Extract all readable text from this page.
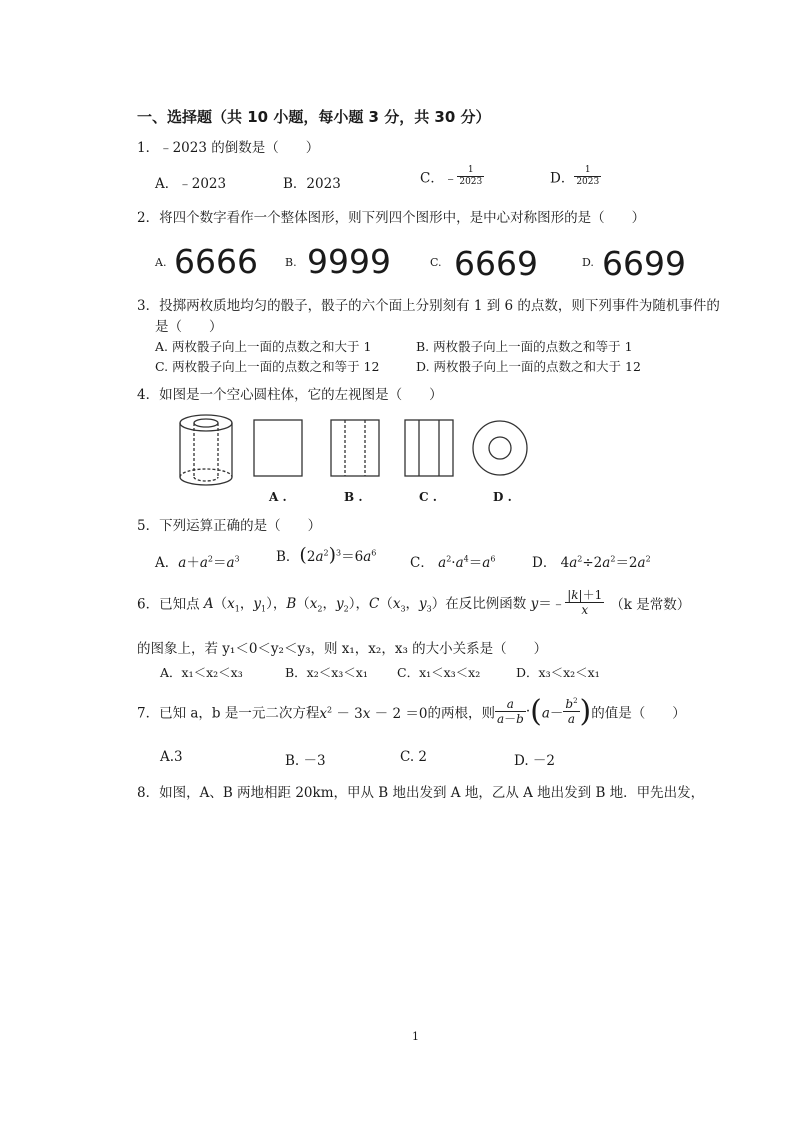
一、选择题（共 10 小题，每小题 3 分，共 30 分）
1．﹣2023 的倒数是（　　）
A．﹣2023	B．2023	C．﹣ $\frac{1}{2023}$	D． $\frac{1}{2023}$
2．将四个数字看作一个整体图形，则下列四个图形中，是中心对称图形的是（　　）
A. 6666 B. 9999	C. 6669	D. 6699
3．投掷两枚质地均匀的骰子，骰子的六个面上分别刻有 1 到 6 的点数，则下列事件为随机事件的
是（　　）
A. 两枚骰子向上一面的点数之和大于 1	B. 两枚骰子向上一面的点数之和等于 1
C. 两枚骰子向上一面的点数之和等于 12	D. 两枚骰子向上一面的点数之和大于 12
4．如图是一个空心圆柱体，它的左视图是（　　）
A .	B .	C .	D .
5．下列运算正确的是（　　）
A．$a+a^2=a^3$	B．$(2a^2)^3=6a^6$
C． $a^2\cdot a^4=a^6$	D． $4a^2\div 2a^2=2a^2$
6．已知点 $A(x_1$，$y_1$），$B(x_2$，$y_2$），$C(x_3$，$y_3$）在反比例函数 y＝﹣ $\frac{|k|+1}{x} (k$ 是常数）
的图象上，若 y₁＜0＜y₂＜y₃，则 x₁，x₂，x₃ 的大小关系是（　　）
A．x₁＜x₂＜x₃	B．x₂＜x₃＜x₁ C．x₁＜x₃＜x₂	D．x₃＜x₂＜x₁
7．已知 a，b 是一元二次方程$x^2 - 3x - 2 =0$的两根，则 $\frac{a}{a-b} \cdot(a- \frac{b^2}{a}$ )的值是（　　）
A.3	B. －3	C. 2	D. －2
8．如图，A、B 两地相距 20km，甲从 B 地出发到 A 地，乙从 A 地出发到 B 地．甲先出发，
1
